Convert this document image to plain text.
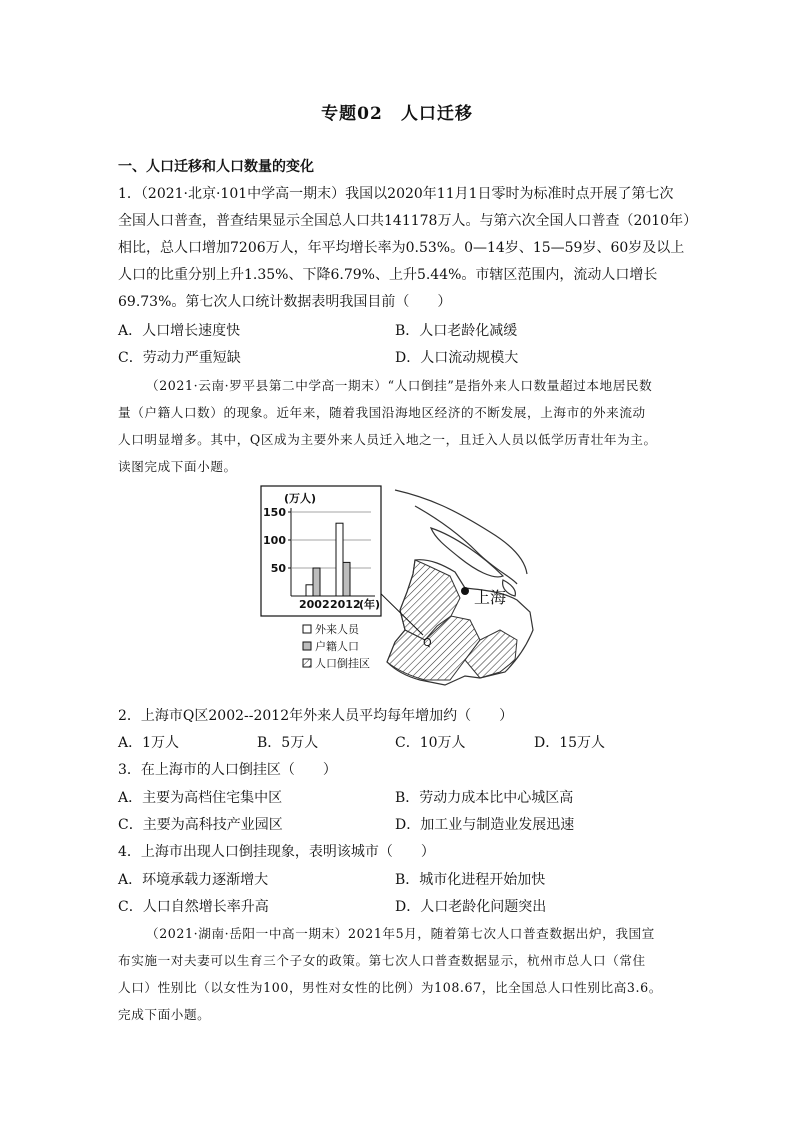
专题02　人口迁移
一、人口迁移和人口数量的变化
1．（2021·北京·101中学高一期末）我国以2020年11月1日零时为标准时点开展了第七次
全国人口普查，普查结果显示全国总人口共141178万人。与第六次全国人口普查（2010年）
相比，总人口增加7206万人，年平均增长率为0.53%。0—14岁、15—59岁、60岁及以上
人口的比重分别上升1.35%、下降6.79%、上升5.44%。市辖区范围内，流动人口增长
69.73%。第七次人口统计数据表明我国目前（　　）
A．人口增长速度快	B．人口老龄化减缓
C．劳动力严重短缺	D．人口流动规模大
（2021·云南·罗平县第二中学高一期末）“人口倒挂”是指外来人口数量超过本地居民数
量（户籍人口数）的现象。近年来，随着我国沿海地区经济的不断发展，上海市的外来流动
人口明显增多。其中，Q区成为主要外来人员迁入地之一，且迁入人员以低学历青壮年为主。
读图完成下面小题。
上海
Q
(万人)
150
100
50
2002 2012
(年)
外来人员
户籍人口
人口倒挂区
2．上海市Q区2002--2012年外来人员平均每年增加约（　　）
A．1万人	B．5万人	C．10万人	D．15万人
3．在上海市的人口倒挂区（　　）
A．主要为高档住宅集中区	B．劳动力成本比中心城区高
C．主要为高科技产业园区	D．加工业与制造业发展迅速
4．上海市出现人口倒挂现象，表明该城市（　　）
A．环境承载力逐渐增大	B．城市化进程开始加快
C．人口自然增长率升高	D．人口老龄化问题突出
（2021·湖南·岳阳一中高一期末）2021年5月，随着第七次人口普查数据出炉，我国宣
布实施一对夫妻可以生育三个子女的政策。第七次人口普查数据显示，杭州市总人口（常住
人口）性别比（以女性为100，男性对女性的比例）为108.67，比全国总人口性别比高3.6。
完成下面小题。
